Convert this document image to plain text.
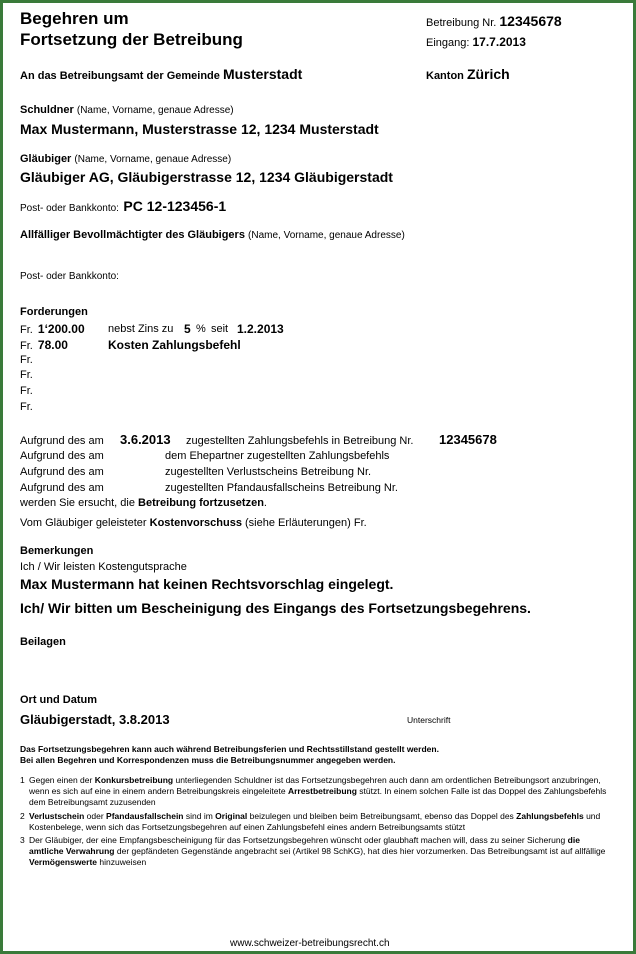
Begehren um
Fortsetzung der Betreibung
Betreibung Nr. 12345678
Eingang: 17.7.2013
An das Betreibungsamt der Gemeinde Musterstadt	Kanton Zürich
Schuldner (Name, Vorname, genaue Adresse)
Max Mustermann, Musterstrasse 12, 1234 Musterstadt
Gläubiger (Name, Vorname, genaue Adresse)
Gläubiger AG, Gläubigerstrasse 12, 1234 Gläubigerstadt
Post- oder Bankkonto: PC 12-123456-1
Allfälliger Bevollmächtigter des Gläubigers (Name, Vorname, genaue Adresse)
Post- oder Bankkonto:
Forderungen
Fr. 1‘200.00 nebst Zins zu 5 % seit 1.2.2013
Fr. 78.00	Kosten Zahlungsbefehl
Fr.
Fr.
Fr.
Fr.
Aufgrund des am 3.6.2013 zugestellten Zahlungsbefehls in Betreibung Nr. 12345678
Aufgrund des am	dem Ehepartner zugestellten Zahlungsbefehls
Aufgrund des am	zugestellten Verlustscheins Betreibung Nr.
Aufgrund des am	zugestellten Pfandausfallscheins Betreibung Nr.
werden Sie ersucht, die Betreibung fortzusetzen.
Vom Gläubiger geleisteter Kostenvorschuss (siehe Erläuterungen) Fr.
Bemerkungen
Ich / Wir leisten Kostengutsprache
Max Mustermann hat keinen Rechtsvorschlag eingelegt.
Ich/ Wir bitten um Bescheinigung des Eingangs des Fortsetzungsbegehrens.
Beilagen
Ort und Datum
Gläubigerstadt, 3.8.2013	Unterschrift
Das Fortsetzungsbegehren kann auch während Betreibungsferien und Rechtsstillstand gestellt werden.
Bei allen Begehren und Korrespondenzen muss die Betreibungsnummer angegeben werden.
1 Gegen einen der Konkursbetreibung unterliegenden Schuldner ist das Fortsetzungsbegehren auch dann am ordentlichen Betreibungsort anzubringen, wenn es sich auf eine in einem andern Betreibungskreis eingeleitete Arrestbetreibung stützt. In einem solchen Falle ist das Doppel des Zahlungsbefehls dem Betreibungsamt zuzusenden
2 Verlustschein oder Pfandausfallschein sind im Original beizulegen und bleiben beim Betreibungsamt, ebenso das Doppel des Zahlungsbefehls und Kostenbelege, wenn sich das Fortsetzungsbegehren auf einen Zahlungsbefehl eines andern Betreibungsamts stützt
3 Der Gläubiger, der eine Empfangsbescheinigung für das Fortsetzungsbegehren wünscht oder glaubhaft machen will, dass zu seiner Sicherung die amtliche Verwahrung der gepfändeten Gegenstände angebracht sei (Artikel 98 SchKG), hat dies hier vorzumerken. Das Betreibungsamt ist auf allfällige Vermögenswerte hinzuweisen
www.schweizer-betreibungsrecht.ch
